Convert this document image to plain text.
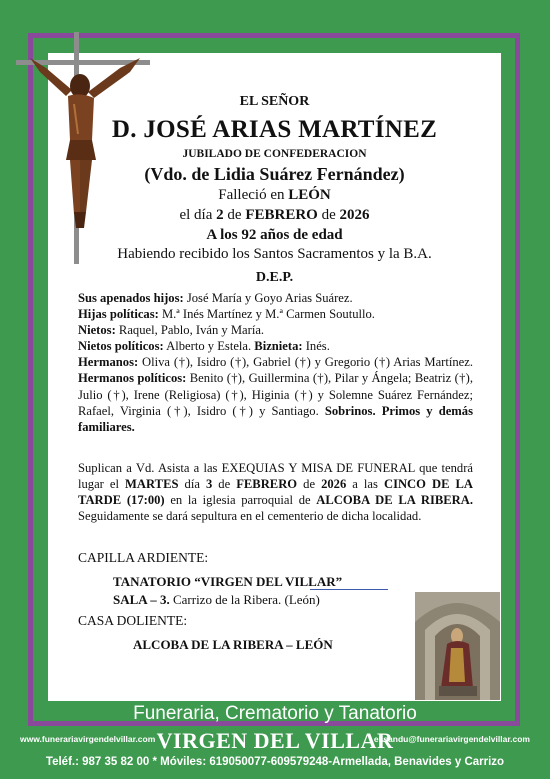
EL SEÑOR
D. JOSÉ ARIAS MARTÍNEZ
JUBILADO DE CONFEDERACION
(Vdo. de Lidia Suárez Fernández)
Falleció en LEÓN
el día 2 de FEBRERO de 2026
A los 92 años de edad
Habiendo recibido los Santos Sacramentos y la B.A.
D.E.P.
Sus apenados hijos: José María y Goyo Arias Suárez.
Hijas políticas: M.ª Inés Martínez y M.ª Carmen Soutullo.
Nietos: Raquel, Pablo, Iván y María.
Nietos políticos: Alberto y Estela. Biznieta: Inés.
Hermanos: Oliva (†), Isidro (†), Gabriel (†) y Gregorio (†) Arias Martínez. Hermanos políticos: Benito (†), Guillermina (†), Pilar y Ángela; Beatriz (†), Julio (†), Irene (Religiosa) (†), Higinia (†) y Solemne Suárez Fernández; Rafael, Virginia (†), Isidro (†) y Santiago. Sobrinos. Primos y demás familiares.
Suplican a Vd. Asista a las EXEQUIAS Y MISA DE FUNERAL que tendrá lugar el MARTES día 3 de FEBRERO de 2026 a las CINCO DE LA TARDE (17:00) en la iglesia parroquial de ALCOBA DE LA RIBERA. Seguidamente se dará sepultura en el cementerio de dicha localidad.
CAPILLA ARDIENTE:
TANATORIO “VIRGEN DEL VILLAR”
SALA – 3. Carrizo de la Ribera. (León)
CASA DOLIENTE:
ALCOBA DE LA RIBERA – LEÓN
Funeraria, Crematorio y Tanatorio
www.funerariavirgendelvillar.com VIRGEN DEL VILLAR
elisandu@funerariavirgendelvillar.com
Teléf.: 987 35 82 00 * Móviles: 619050077-609579248-Armellada, Benavides y Carrizo
